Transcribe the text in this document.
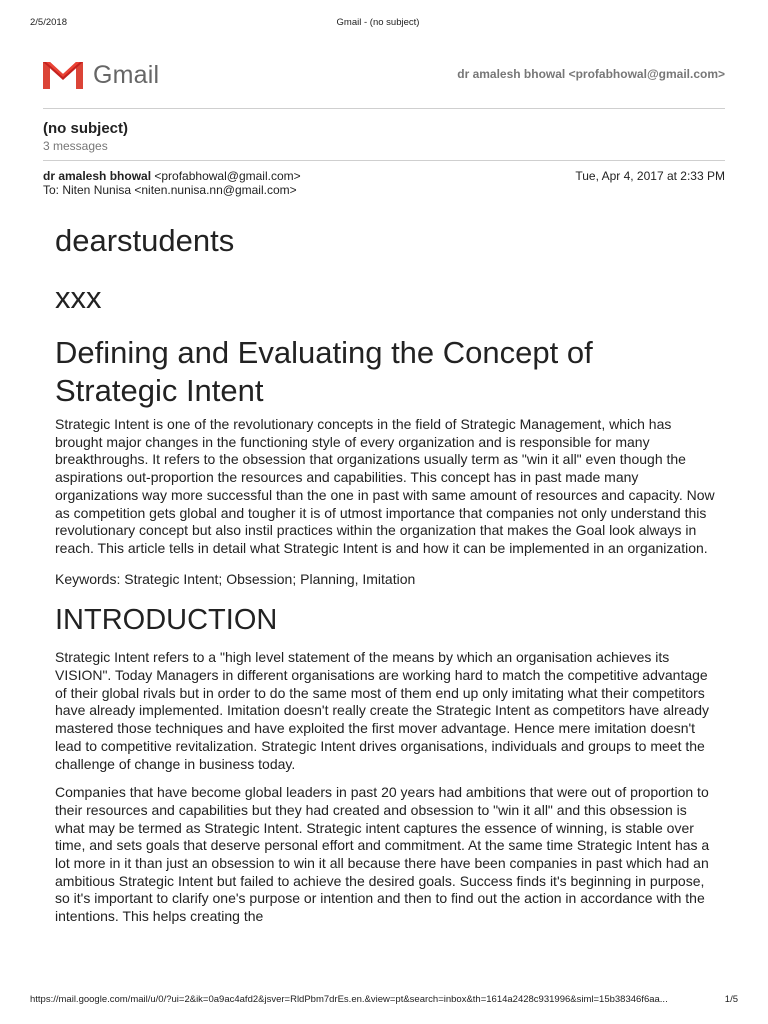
2/5/2018	Gmail - (no subject)
Gmail	dr amalesh bhowal <profabhowal@gmail.com>
(no subject)
3 messages
dr amalesh bhowal <profabhowal@gmail.com>
To: Niten Nunisa <niten.nunisa.nn@gmail.com>
Tue, Apr 4, 2017 at 2:33 PM

dearstudents

xxx

Defining and Evaluating the Concept of Strategic Intent

Strategic Intent is one of the revolutionary concepts in the field of Strategic Management, which has brought major changes in the functioning style of every organization and is responsible for many breakthroughs. It refers to the obsession that organizations usually term as "win it all" even though the aspirations out-proportion the resources and capabilities. This concept has in past made many organizations way more successful than the one in past with same amount of resources and capacity. Now as competition gets global and tougher it is of utmost importance that companies not only understand this revolutionary concept but also instil practices within the organization that makes the Goal look always in reach. This article tells in detail what Strategic Intent is and how it can be implemented in an organization.

Keywords: Strategic Intent; Obsession; Planning, Imitation

INTRODUCTION

Strategic Intent refers to a "high level statement of the means by which an organisation achieves its VISION". Today Managers in different organisations are working hard to match the competitive advantage of their global rivals but in order to do the same most of them end up only imitating what their competitors have already implemented. Imitation doesn't really create the Strategic Intent as competitors have already mastered those techniques and have exploited the first mover advantage. Hence mere imitation doesn't lead to competitive revitalization. Strategic Intent drives organisations, individuals and groups to meet the challenge of change in business today.

Companies that have become global leaders in past 20 years had ambitions that were out of proportion to their resources and capabilities but they had created and obsession to "win it all" and this obsession is what may be termed as Strategic Intent. Strategic intent captures the essence of winning, is stable over time, and sets goals that deserve personal effort and commitment. At the same time Strategic Intent has a lot more in it than just an obsession to win it all because there have been companies in past which had an ambitious Strategic Intent but failed to achieve the desired goals. Success finds it's beginning in purpose, so it's important to clarify one's purpose or intention and then to find out the action in accordance with the intentions. This helps creating the

https://mail.google.com/mail/u/0/?ui=2&ik=0a9ac4afd2&jsver=RldPbm7drEs.en.&view=pt&search=inbox&th=1614a2428c931996&siml=15b38346f6aa...	1/5
